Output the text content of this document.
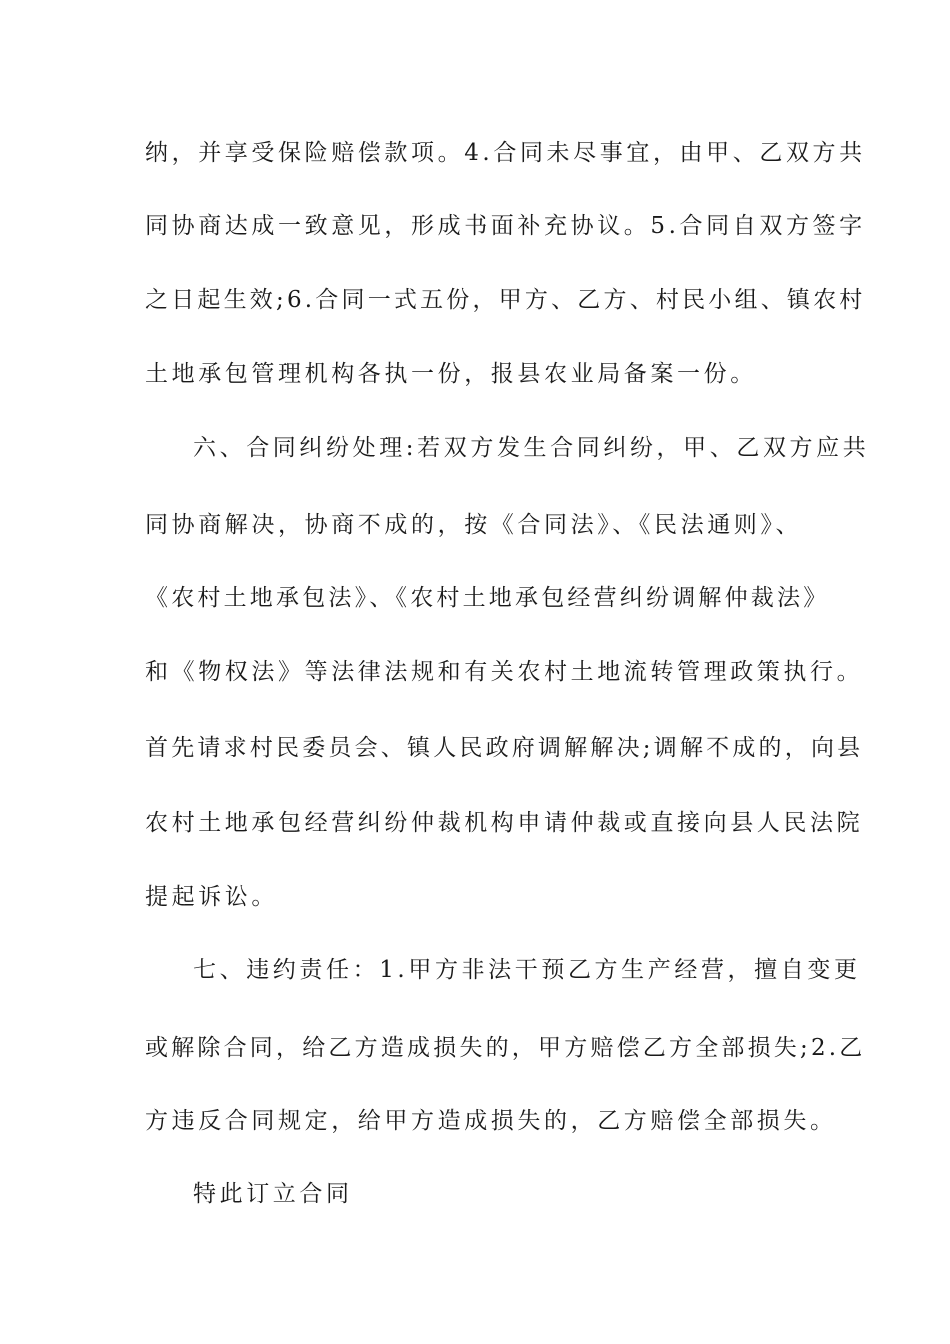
纳，并享受保险赔偿款项。4.合同未尽事宜，由甲、乙双方共
同协商达成一致意见，形成书面补充协议。5.合同自双方签字
之日起生效;6.合同一式五份，甲方、乙方、村民小组、镇农村
土地承包管理机构各执一份，报县农业局备案一份。
六、合同纠纷处理:若双方发生合同纠纷，甲、乙双方应共
同协商解决，协商不成的，按《合同法》、《民法通则》、
《农村土地承包法》、《农村土地承包经营纠纷调解仲裁法》
和《物权法》等法律法规和有关农村土地流转管理政策执行。
首先请求村民委员会、镇人民政府调解解决;调解不成的，向县
农村土地承包经营纠纷仲裁机构申请仲裁或直接向县人民法院
提起诉讼。
七、违约责任：1.甲方非法干预乙方生产经营，擅自变更
或解除合同，给乙方造成损失的，甲方赔偿乙方全部损失;2.乙
方违反合同规定，给甲方造成损失的，乙方赔偿全部损失。
特此订立合同
